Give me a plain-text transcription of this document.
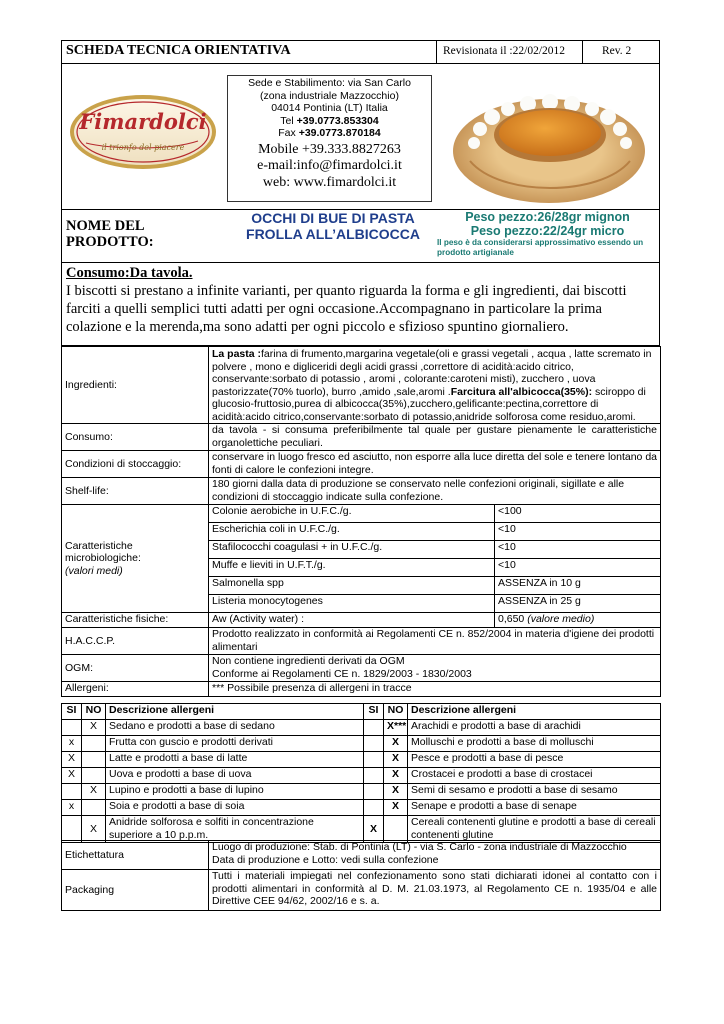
SCHEDA TECNICA ORIENTATIVA	Revisionata il :22/02/2012	Rev. 2
Fimardolci
il trionfo del piacere
Sede e Stabilimento: via San Carlo
(zona industriale Mazzocchio)
04014 Pontinia (LT) Italia
Tel +39.0773.853304
Fax +39.0773.870184
Mobile +39.333.8827263
e-mail:info@fimardolci.it
web: www.fimardolci.it
NOME DEL
PRODOTTO:
OCCHI DI BUE DI PASTA
FROLLA ALL’ALBICOCCA
Peso pezzo:26/28gr mignon
Peso pezzo:22/24gr micro
Il peso è da considerarsi approssimativo essendo un prodotto artigianale
Consumo:Da tavola.
I biscotti si prestano a infinite varianti, per quanto riguarda la forma e gli ingredienti, dai biscotti farciti a quelli semplici tutti adatti per ogni occasione.Accompagnano in particolare la prima colazione e la merenda,ma sono adatti per ogni piccolo e sfizioso spuntino giornaliero.
Ingredienti:	La pasta :farina di frumento,margarina vegetale(oli e grassi vegetali , acqua , latte scremato in polvere , mono e digliceridi degli acidi grassi ,correttore di acidità:acido citrico, conservante:sorbato di potassio , aromi , colorante:caroteni misti), zucchero , uova pastorizzate(70% tuorlo), burro ,amido ,sale,aromi .Farcitura all'albicocca(35%): sciroppo di glucosio-fruttosio,purea di albicocca(35%),zucchero,gelificante:pectina,correttore di acidità:acido citrico,conservante:sorbato di potassio,anidride solforosa come residuo,aromi.	
Consumo:	da tavola - si consuma preferibilmente tal quale per gustare pienamente le caratteristiche organolettiche peculiari.	
Condizioni di stoccaggio:	conservare in luogo fresco ed asciutto, non esporre alla luce diretta del sole e tenere lontano da fonti di calore le confezioni integre.	
Shelf-life:	180 giorni dalla data di produzione se conservato nelle confezioni originali, sigillate e alle condizioni di stoccaggio indicate sulla confezione.	

Caratteristiche
microbiologiche:
(valori medi)	Colonie aerobiche in U.F.C./g.	<100
	Escherichia coli in U.F.C./g.	<10
	Stafilococchi coagulasi + in U.F.C./g.	<10
	Muffe e lieviti in U.F.T./g.	<10
	Salmonella spp	ASSENZA in 10 g
	Listeria monocytogenes	ASSENZA in 25 g
Caratteristiche fisiche:	Aw (Activity water) :	0,650 (valore medio)
H.A.C.C.P.	Prodotto realizzato in conformità ai Regolamenti CE n. 852/2004 in materia d'igiene dei prodotti alimentari	
OGM:	Non contiene ingredienti derivati da OGM
Conforme ai Regolamenti CE n. 1829/2003 - 1830/2003	

Allergeni:	*** Possibile presenza di allergeni in tracce	
SI	NO	Descrizione allergeni	SI	NO	Descrizione allergeni
	X	Sedano e prodotti a base di sedano		X***	Arachidi e prodotti a base di arachidi
x		Frutta con guscio e prodotti derivati		X	Molluschi e prodotti a base di molluschi
X		Latte e prodotti a base di latte		X	Pesce e prodotti a base di pesce
X		Uova e prodotti a base di uova		X	Crostacei e prodotti a base di crostacei
	X	Lupino e prodotti a base di lupino		X	Semi di sesamo e prodotti a base di sesamo
x		Soia e prodotti a base di soia		X	Senape e prodotti a base di senape
	X	Anidride solforosa e solfiti in concentrazione superiore a 10 p.p.m.	X		Cereali contenenti glutine e prodotti a base di cereali contenenti glutine
Etichettatura	Luogo di produzione: Stab. di Pontinia (LT) - via S. Carlo - zona industriale di Mazzocchio
Data di produzione e Lotto: vedi sulla confezione

Packaging	Tutti i materiali impiegati nel confezionamento sono stati dichiarati idonei al contatto con i prodotti alimentari in conformità al D. M. 21.03.1973, al Regolamento CE n. 1935/04 e alle Direttive CEE 94/62, 2002/16 e s. a.
